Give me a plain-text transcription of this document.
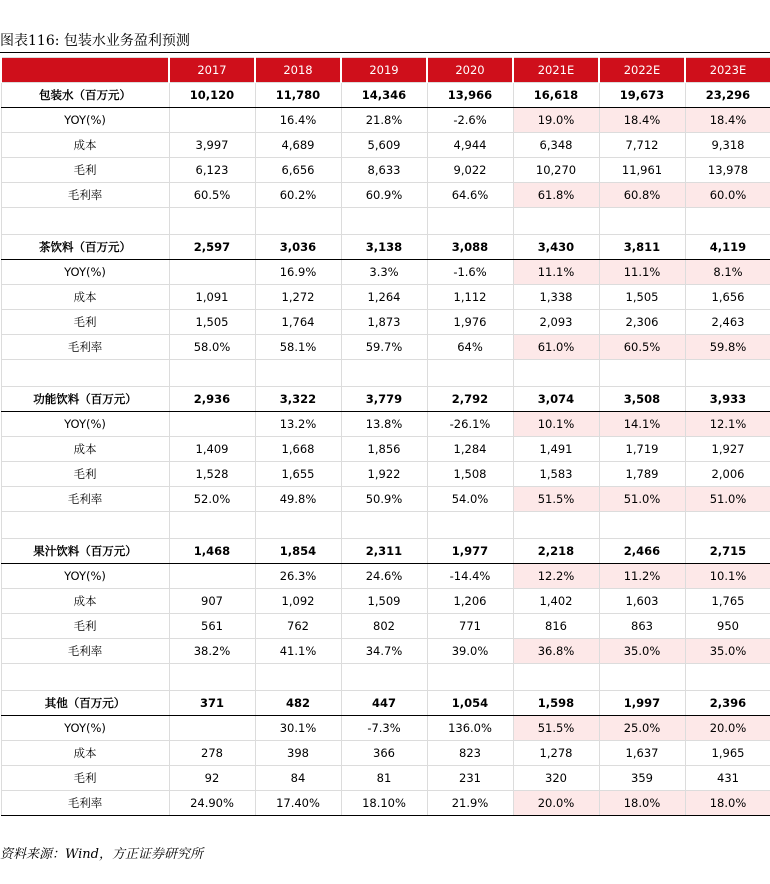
图表116: 包装水业务盈利预测
	2017	2018	2019	2020	2021E	2022E	2023E
包装水（百万元）	10,120	11,780	14,346	13,966	16,618	19,673	23,296
YOY(%)		16.4%	21.8%	-2.6%	19.0%	18.4%	18.4%
成本	3,997	4,689	5,609	4,944	6,348	7,712	9,318
毛利	6,123	6,656	8,633	9,022	10,270	11,961	13,978
毛利率	60.5%	60.2%	60.9%	64.6%	61.8%	60.8%	60.0%

茶饮料（百万元）	2,597	3,036	3,138	3,088	3,430	3,811	4,119
YOY(%)		16.9%	3.3%	-1.6%	11.1%	11.1%	8.1%
成本	1,091	1,272	1,264	1,112	1,338	1,505	1,656
毛利	1,505	1,764	1,873	1,976	2,093	2,306	2,463
毛利率	58.0%	58.1%	59.7%	64%	61.0%	60.5%	59.8%

功能饮料（百万元）	2,936	3,322	3,779	2,792	3,074	3,508	3,933
YOY(%)		13.2%	13.8%	-26.1%	10.1%	14.1%	12.1%
成本	1,409	1,668	1,856	1,284	1,491	1,719	1,927
毛利	1,528	1,655	1,922	1,508	1,583	1,789	2,006
毛利率	52.0%	49.8%	50.9%	54.0%	51.5%	51.0%	51.0%

果汁饮料（百万元）	1,468	1,854	2,311	1,977	2,218	2,466	2,715
YOY(%)		26.3%	24.6%	-14.4%	12.2%	11.2%	10.1%
成本	907	1,092	1,509	1,206	1,402	1,603	1,765
毛利	561	762	802	771	816	863	950
毛利率	38.2%	41.1%	34.7%	39.0%	36.8%	35.0%	35.0%

其他（百万元）	371	482	447	1,054	1,598	1,997	2,396
YOY(%)		30.1%	-7.3%	136.0%	51.5%	25.0%	20.0%
成本	278	398	366	823	1,278	1,637	1,965
毛利	92	84	81	231	320	359	431
毛利率	24.90%	17.40%	18.10%	21.9%	20.0%	18.0%	18.0%
资料来源：Wind，方正证券研究所
